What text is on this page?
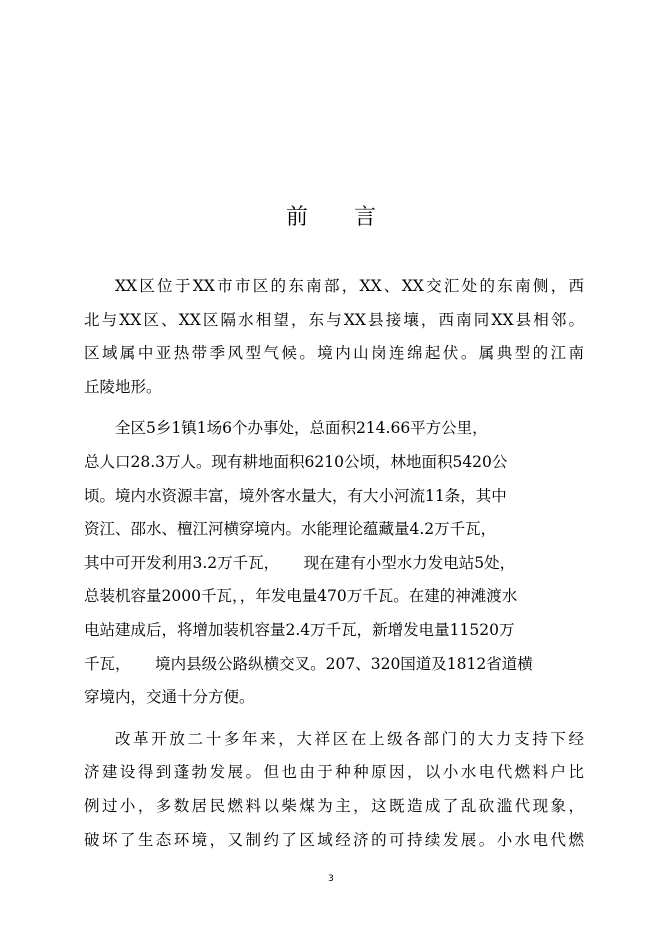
前 言
XX区位于XX市市区的东南部，XX、XX交汇处的东南侧，西
北与XX区、XX区隔水相望，东与XX县接壤，西南同XX县相邻。
区域属中亚热带季风型气候。境内山岗连绵起伏。属典型的江南
丘陵地形。
全区5乡1镇1场6个办事处，总面积214.66平方公里，
总人口28.3万人。现有耕地面积6210公顷，林地面积5420公
顷。境内水资源丰富，境外客水量大，有大小河流11条，其中
资江、邵水、檀江河横穿境内。水能理论蕴藏量4.2万千瓦，
其中可开发利用3.2万千瓦，     现在建有小型水力发电站5处，
总装机容量2000千瓦，，年发电量470万千瓦。在建的神滩渡水
电站建成后，将增加装机容量2.4万千瓦，新增发电量11520万
千瓦，     境内县级公路纵横交叉。207、320国道及1812省道横
穿境内，交通十分方便。
改革开放二十多年来，大祥区在上级各部门的大力支持下经
济建设得到蓬勃发展。但也由于种种原因，以小水电代燃料户比
例过小，多数居民燃料以柴煤为主，这既造成了乱砍滥代现象，
破坏了生态环境，又制约了区域经济的可持续发展。小水电代燃
3
